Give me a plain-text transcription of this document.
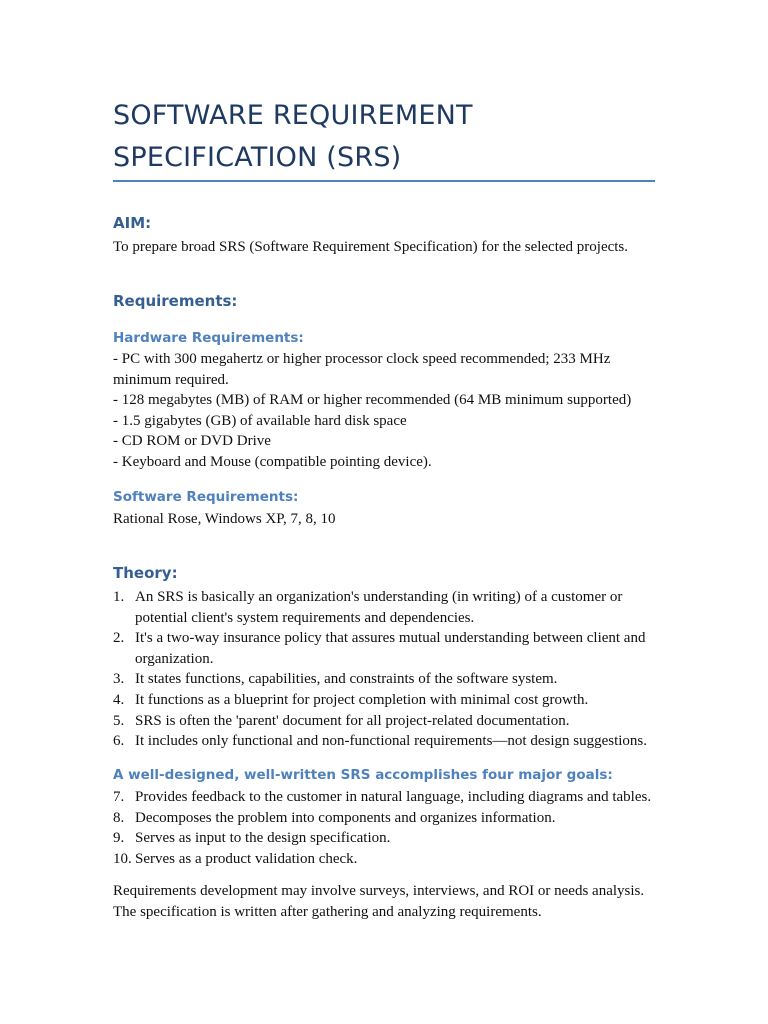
SOFTWARE REQUIREMENT SPECIFICATION (SRS)
AIM:

To prepare broad SRS (Software Requirement Specification) for the selected projects.

Requirements:
Hardware Requirements:

- PC with 300 megahertz or higher processor clock speed recommended; 233 MHz minimum required.

- 128 megabytes (MB) of RAM or higher recommended (64 MB minimum supported)

- 1.5 gigabytes (GB) of available hard disk space

- CD ROM or DVD Drive

- Keyboard and Mouse (compatible pointing device).

Software Requirements:

Rational Rose, Windows XP, 7, 8, 10

Theory:
1. An SRS is basically an organization's understanding (in writing) of a customer or potential client's system requirements and dependencies.
2. It's a two-way insurance policy that assures mutual understanding between client and organization.
3. It states functions, capabilities, and constraints of the software system.
4. It functions as a blueprint for project completion with minimal cost growth.
5. SRS is often the 'parent' document for all project-related documentation.
6. It includes only functional and non-functional requirements—not design suggestions.
A well-designed, well-written SRS accomplishes four major goals:
7. Provides feedback to the customer in natural language, including diagrams and tables.
8. Decomposes the problem into components and organizes information.
9. Serves as input to the design specification.
10. Serves as a product validation check.

Requirements development may involve surveys, interviews, and ROI or needs analysis. The specification is written after gathering and analyzing requirements.
